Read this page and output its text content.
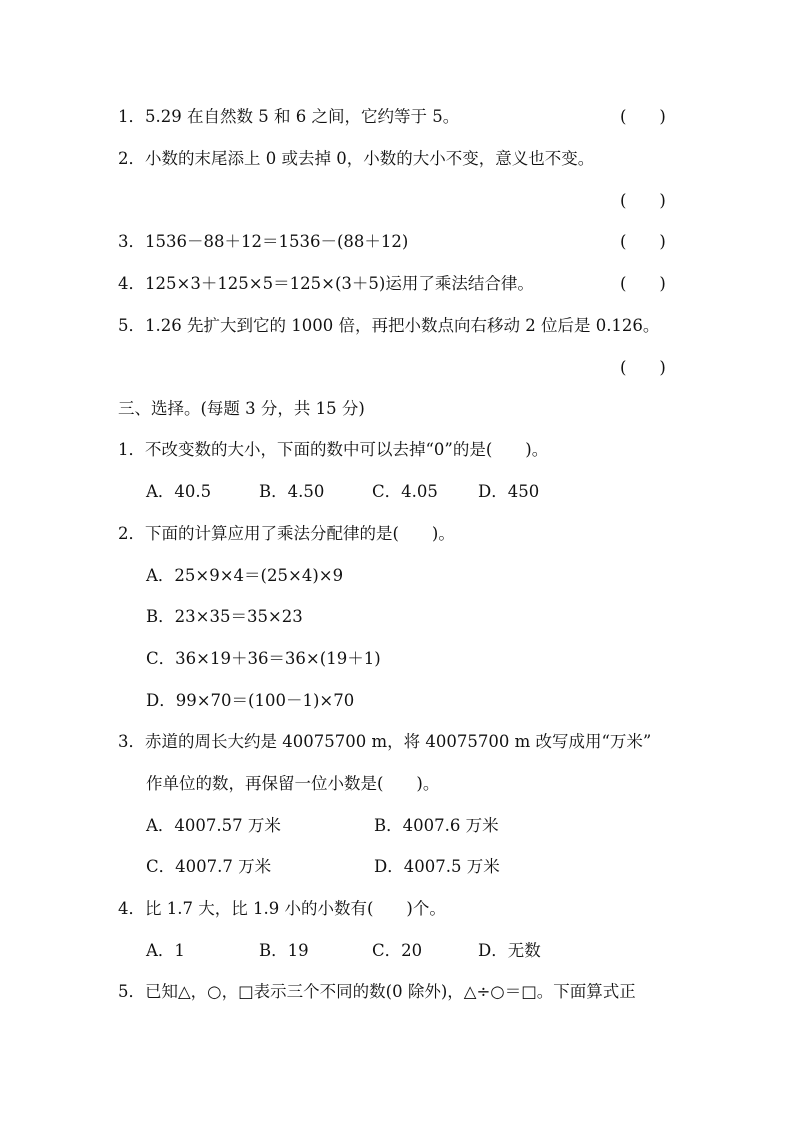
1．5.29 在自然数 5 和 6 之间，它约等于 5。	(　　)
2．小数的末尾添上 0 或去掉 0，小数的大小不变，意义也不变。
(　　)
3．1536－88＋12＝1536－(88＋12)	(　　)
4．125×3＋125×5＝125×(3＋5)运用了乘法结合律。	(　　)
5．1.26 先扩大到它的 1000 倍，再把小数点向右移动 2 位后是 0.126。
(　　)
三、选择。(每题 3 分，共 15 分)
1．不改变数的大小，下面的数中可以去掉“0”的是(　　)。
A．40.5	B．4.50	C．4.05 D．450
2．下面的计算应用了乘法分配律的是(　　)。
A．25×9×4＝(25×4)×9
B．23×35＝35×23
C．36×19＋36＝36×(19＋1)
D．99×70＝(100－1)×70
3．赤道的周长大约是 40075700 m，将 40075700 m 改写成用“万米”
作单位的数，再保留一位小数是(　　)。
A．4007.57 万米	B．4007.6 万米
C．4007.7 万米	D．4007.5 万米
4．比 1.7 大，比 1.9 小的小数有(　　)个。
A．1	B．19	C．20	D．无数
5．已知△，○，□表示三个不同的数(0 除外)，△÷○＝□。下面算式正
